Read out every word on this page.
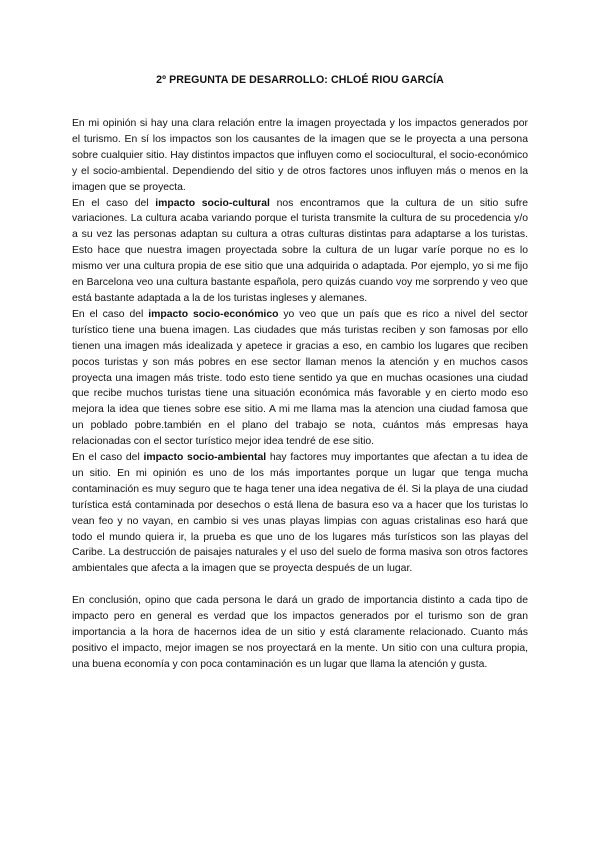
2º PREGUNTA DE DESARROLLO: CHLOÉ RIOU GARCÍA

En mi opinión si hay una clara relación entre la imagen proyectada y los impactos generados por el turismo. En sí los impactos son los causantes de la imagen que se le proyecta a una persona sobre cualquier sitio. Hay distintos impactos que influyen como el sociocultural, el socio-económico y el socio-ambiental. Dependiendo del sitio y de otros factores unos influyen más o menos en la imagen que se proyecta.

En el caso del impacto socio-cultural nos encontramos que la cultura de un sitio sufre variaciones. La cultura acaba variando porque el turista transmite la cultura de su procedencia y/o a su vez las personas adaptan su cultura a otras culturas distintas para adaptarse a los turistas. Esto hace que nuestra imagen proyectada sobre la cultura de un lugar varíe porque no es lo mismo ver una cultura propia de ese sitio que una adquirida o adaptada. Por ejemplo, yo si me fijo en Barcelona veo una cultura bastante española, pero quizás cuando voy me sorprendo y veo que está bastante adaptada a la de los turistas ingleses y alemanes.

En el caso del impacto socio-económico yo veo que un país que es rico a nivel del sector turístico tiene una buena imagen. Las ciudades que más turistas reciben y son famosas por ello tienen una imagen más idealizada y apetece ir gracias a eso, en cambio los lugares que reciben pocos turistas y son más pobres en ese sector llaman menos la atención y en muchos casos proyecta una imagen más triste. todo esto tiene sentido ya que en muchas ocasiones una ciudad que recibe muchos turistas tiene una situación económica más favorable y en cierto modo eso mejora la idea que tienes sobre ese sitio. A mi me llama mas la atencion una ciudad famosa que un poblado pobre.también en el plano del trabajo se nota, cuántos más empresas haya relacionadas con el sector turístico mejor idea tendré de ese sitio.

En el caso del impacto socio-ambiental hay factores muy importantes que afectan a tu idea de un sitio. En mi opinión es uno de los más importantes porque un lugar que tenga mucha contaminación es muy seguro que te haga tener una idea negativa de él. Si la playa de una ciudad turística está contaminada por desechos o está llena de basura eso va a hacer que los turistas lo vean feo y no vayan, en cambio si ves unas playas limpias con aguas cristalinas eso hará que todo el mundo quiera ir, la prueba es que uno de los lugares más turísticos son las playas del Caribe. La destrucción de paisajes naturales y el uso del suelo de forma masiva son otros factores ambientales que afecta a la imagen que se proyecta después de un lugar.

En conclusión, opino que cada persona le dará un grado de importancia distinto a cada tipo de impacto pero en general es verdad que los impactos generados por el turismo son de gran importancia a la hora de hacernos idea de un sitio y está claramente relacionado. Cuanto más positivo el impacto, mejor imagen se nos proyectará en la mente. Un sitio con una cultura propia, una buena economía y con poca contaminación es un lugar que llama la atención y gusta.
